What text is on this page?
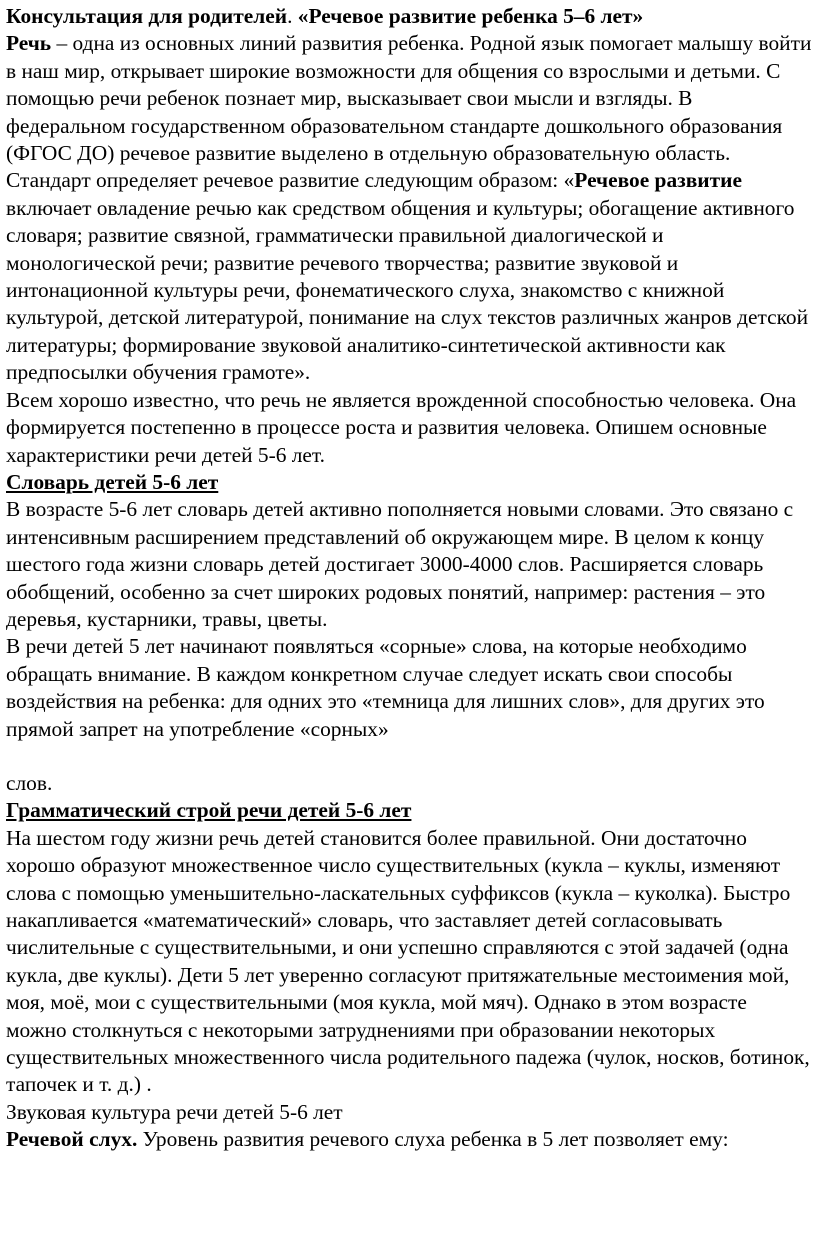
Консультация для родителей. «Речевое развитие ребенка 5–6 лет»

Речь – одна из основных линий развития ребенка. Родной язык помогает малышу войти в наш мир, открывает широкие возможности для общения со взрослыми и детьми. С помощью речи ребенок познает мир, высказывает свои мысли и взгляды. В федеральном государственном образовательном стандарте дошкольного образования (ФГОС ДО) речевое развитие выделено в отдельную образовательную область. Стандарт определяет речевое развитие следующим образом: «Речевое развитие включает овладение речью как средством общения и культуры; обогащение активного словаря; развитие связной, грамматически правильной диалогической и монологической речи; развитие речевого творчества; развитие звуковой и интонационной культуры речи, фонематического слуха, знакомство с книжной культурой, детской литературой, понимание на слух текстов различных жанров детской литературы; формирование звуковой аналитико-синтетической активности как предпосылки обучения грамоте».

Всем хорошо известно, что речь не является врожденной способностью человека. Она формируется постепенно в процессе роста и развития человека. Опишем основные характеристики речи детей 5-6 лет.

Словарь детей 5-6 лет

В возрасте 5-6 лет словарь детей активно пополняется новыми словами. Это связано с интенсивным расширением представлений об окружающем мире. В целом к концу шестого года жизни словарь детей достигает 3000-4000 слов. Расширяется словарь обобщений, особенно за счет широких родовых понятий, например: растения – это деревья, кустарники, травы, цветы.

В речи детей 5 лет начинают появляться «сорные» слова, на которые необходимо обращать внимание. В каждом конкретном случае следует искать свои способы воздействия на ребенка: для одних это «темница для лишних слов», для других это прямой запрет на употребление «сорных»

слов.

Грамматический строй речи детей 5-6 лет

На шестом году жизни речь детей становится более правильной. Они достаточно хорошо образуют множественное число существительных (кукла – куклы, изменяют слова с помощью уменьшительно-ласкательных суффиксов (кукла – куколка). Быстро накапливается «математический» словарь, что заставляет детей согласовывать числительные с существительными, и они успешно справляются с этой задачей (одна кукла, две куклы). Дети 5 лет уверенно согласуют притяжательные местоимения мой, моя, моё, мои с существительными (моя кукла, мой мяч). Однако в этом возрасте можно столкнуться с некоторыми затруднениями при образовании некоторых существительных множественного числа родительного падежа (чулок, носков, ботинок, тапочек и т. д.) .

Звуковая культура речи детей 5-6 лет

Речевой слух. Уровень развития речевого слуха ребенка в 5 лет позволяет ему:
